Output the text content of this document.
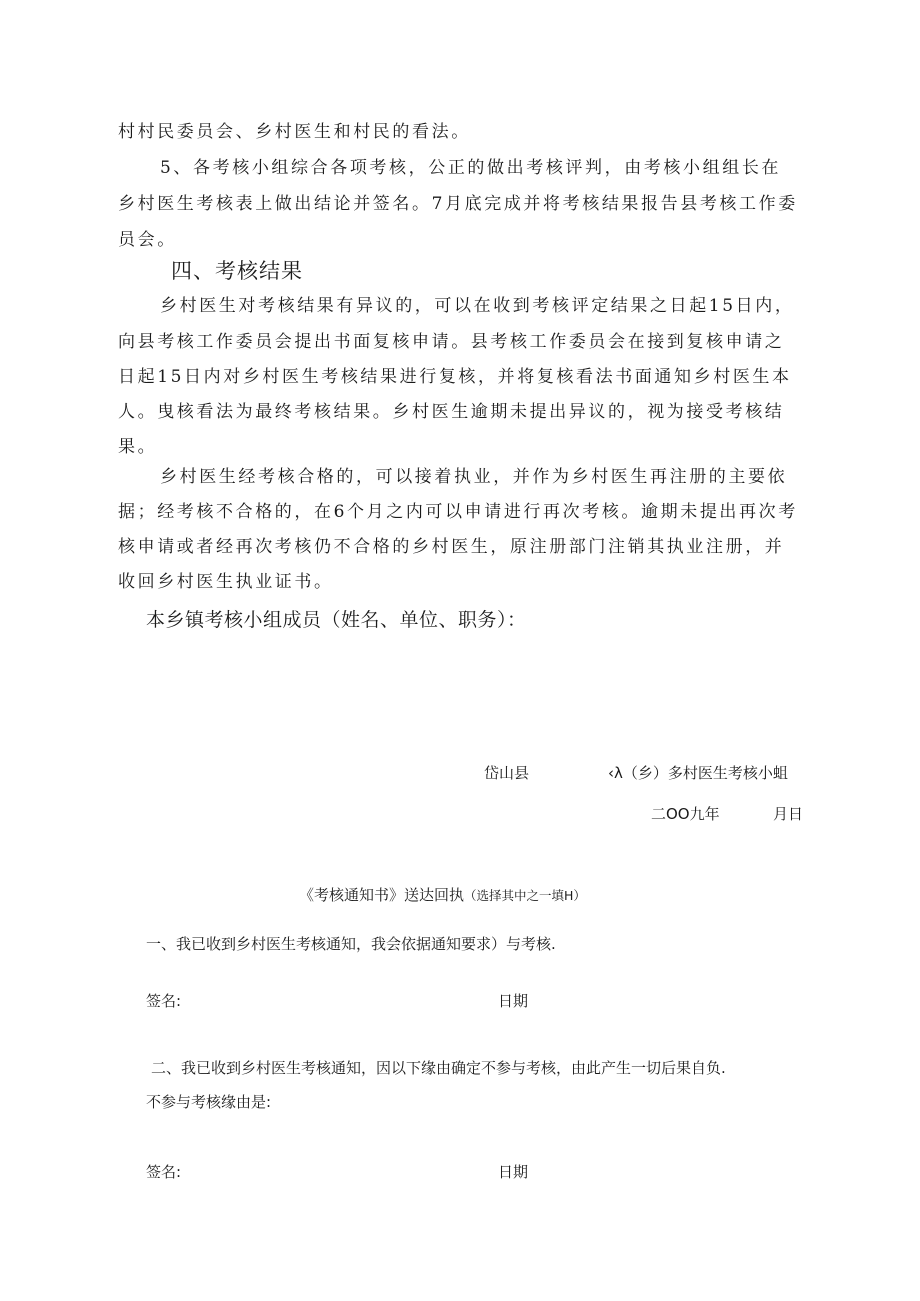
村村民委员会、乡村医生和村民的看法。
5、各考核小组综合各项考核，公正的做出考核评判，由考核小组组长在
乡村医生考核表上做出结论并签名。7月底完成并将考核结果报告县考核工作委
员会。
四、考核结果
乡村医生对考核结果有异议的，可以在收到考核评定结果之日起15日内，
向县考核工作委员会提出书面复核申请。县考核工作委员会在接到复核申请之
日起15日内对乡村医生考核结果进行复核，并将复核看法书面通知乡村医生本
人。曳核看法为最终考核结果。乡村医生逾期未提出异议的，视为接受考核结
果。
乡村医生经考核合格的，可以接着执业，并作为乡村医生再注册的主要依
据；经考核不合格的，在6个月之内可以申请进行再次考核。逾期未提出再次考
核申请或者经再次考核仍不合格的乡村医生，原注册部门注销其执业注册，并
收回乡村医生执业证书。
本乡镇考核小组成员（姓名、单位、职务）：
岱山县	‹λ（乡）多村医生考核小蛆
二OO九年	月日
《考核通知书》送达回执（选择其中之一填H）
一、我已收到乡村医生考核通知，我会依据通知要求）与考核.
签名:	日期
二、我已收到乡村医生考核通知，因以下缘由确定不参与考核，由此产生一切后果自负.
不参与考核缘由是:
签名:	日期
